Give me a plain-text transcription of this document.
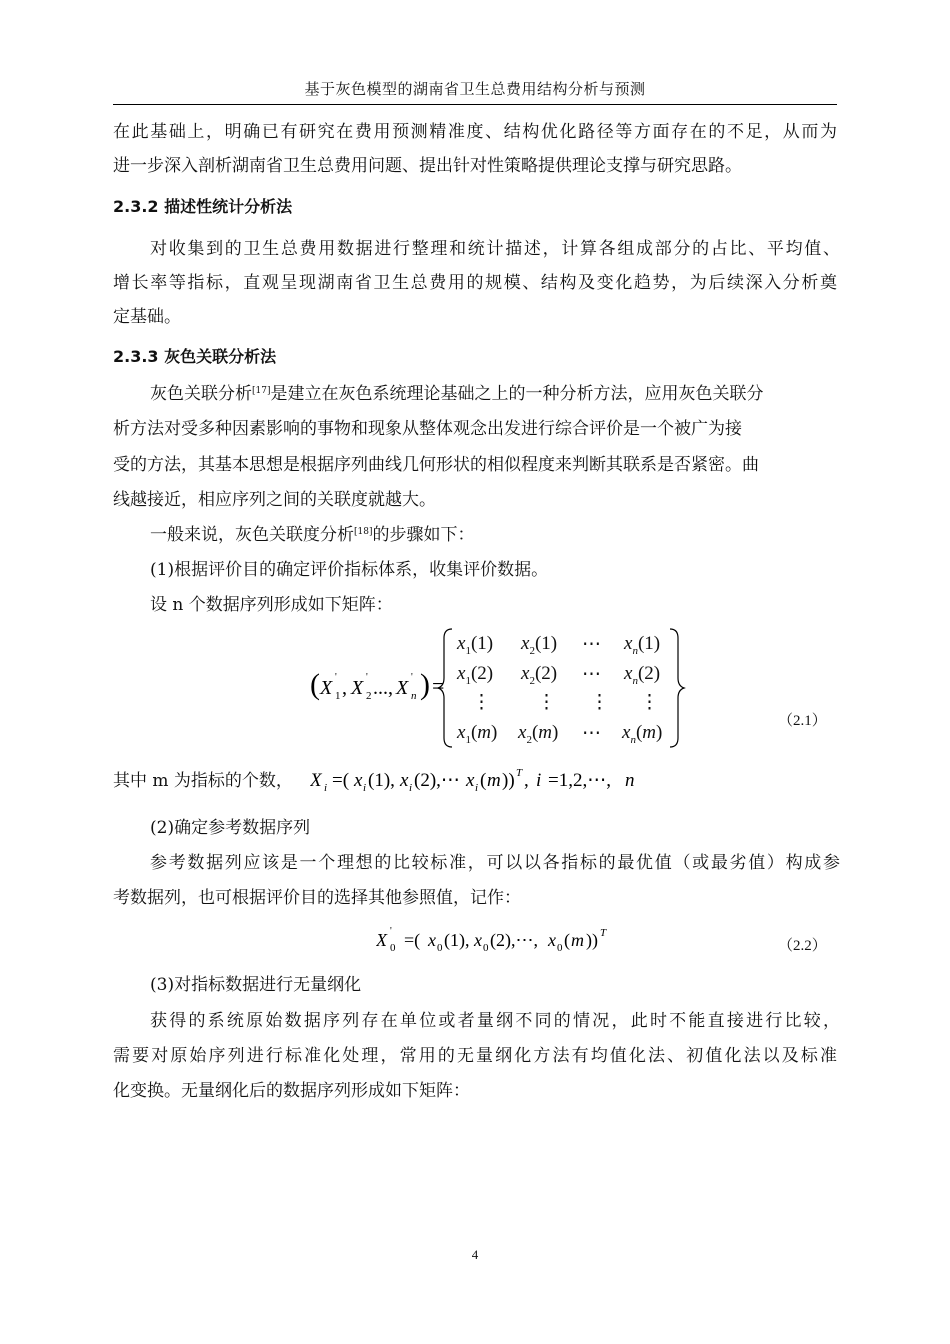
基于灰色模型的湖南省卫生总费用结构分析与预测
在此基础上，明确已有研究在费用预测精准度、结构优化路径等方面存在的不足，从而为
进一步深入剖析湖南省卫生总费用问题、提出针对性策略提供理论支撑与研究思路。
2.3.2 描述性统计分析法
对收集到的卫生总费用数据进行整理和统计描述，计算各组成部分的占比、平均值、
增长率等指标，直观呈现湖南省卫生总费用的规模、结构及变化趋势，为后续深入分析奠
定基础。
2.3.3 灰色关联分析法
灰色关联分析[17]是建立在灰色系统理论基础之上的一种分析方法，应用灰色关联分
析方法对受多种因素影响的事物和现象从整体观念出发进行综合评价是一个被广为接
受的方法，其基本思想是根据序列曲线几何形状的相似程度来判断其联系是否紧密。曲
线越接近，相应序列之间的关联度就越大。
一般来说，灰色关联度分析[18]的步骤如下：
(1)根据评价目的确定评价指标体系，收集评价数据。
设 n 个数据序列形成如下矩阵：
( X 1
' , X 2
' ..., X n
' ) =
$x_1(1)$ $x_2(1)$ ⋯ $x_n(1)$
$x_1(2)$ $x_2(2)$ ⋯ $x_n(2)$
⋮ ⋮ ⋮ ⋮
$x_1(m)$ $x_2(m)$ ⋯ $x_n(m)$
（2.1）
其中 m 为指标的个数， X i =( x i (1), x i (2),⋯ x i ( m )) T , i =1,2,⋯, n
(2)确定参考数据序列
参考数据列应该是一个理想的比较标准，可以以各指标的最优值（或最劣值）构成参
考数据列，也可根据评价目的选择其他参照值，记作：
X 0
' =( x 0 (1), x 0 (2),⋯, x 0 ( m )) T
（2.2）
(3)对指标数据进行无量纲化
获得的系统原始数据序列存在单位或者量纲不同的情况，此时不能直接进行比较，
需要对原始序列进行标准化处理，常用的无量纲化方法有均值化法、初值化法以及标准
化变换。无量纲化后的数据序列形成如下矩阵：
4
